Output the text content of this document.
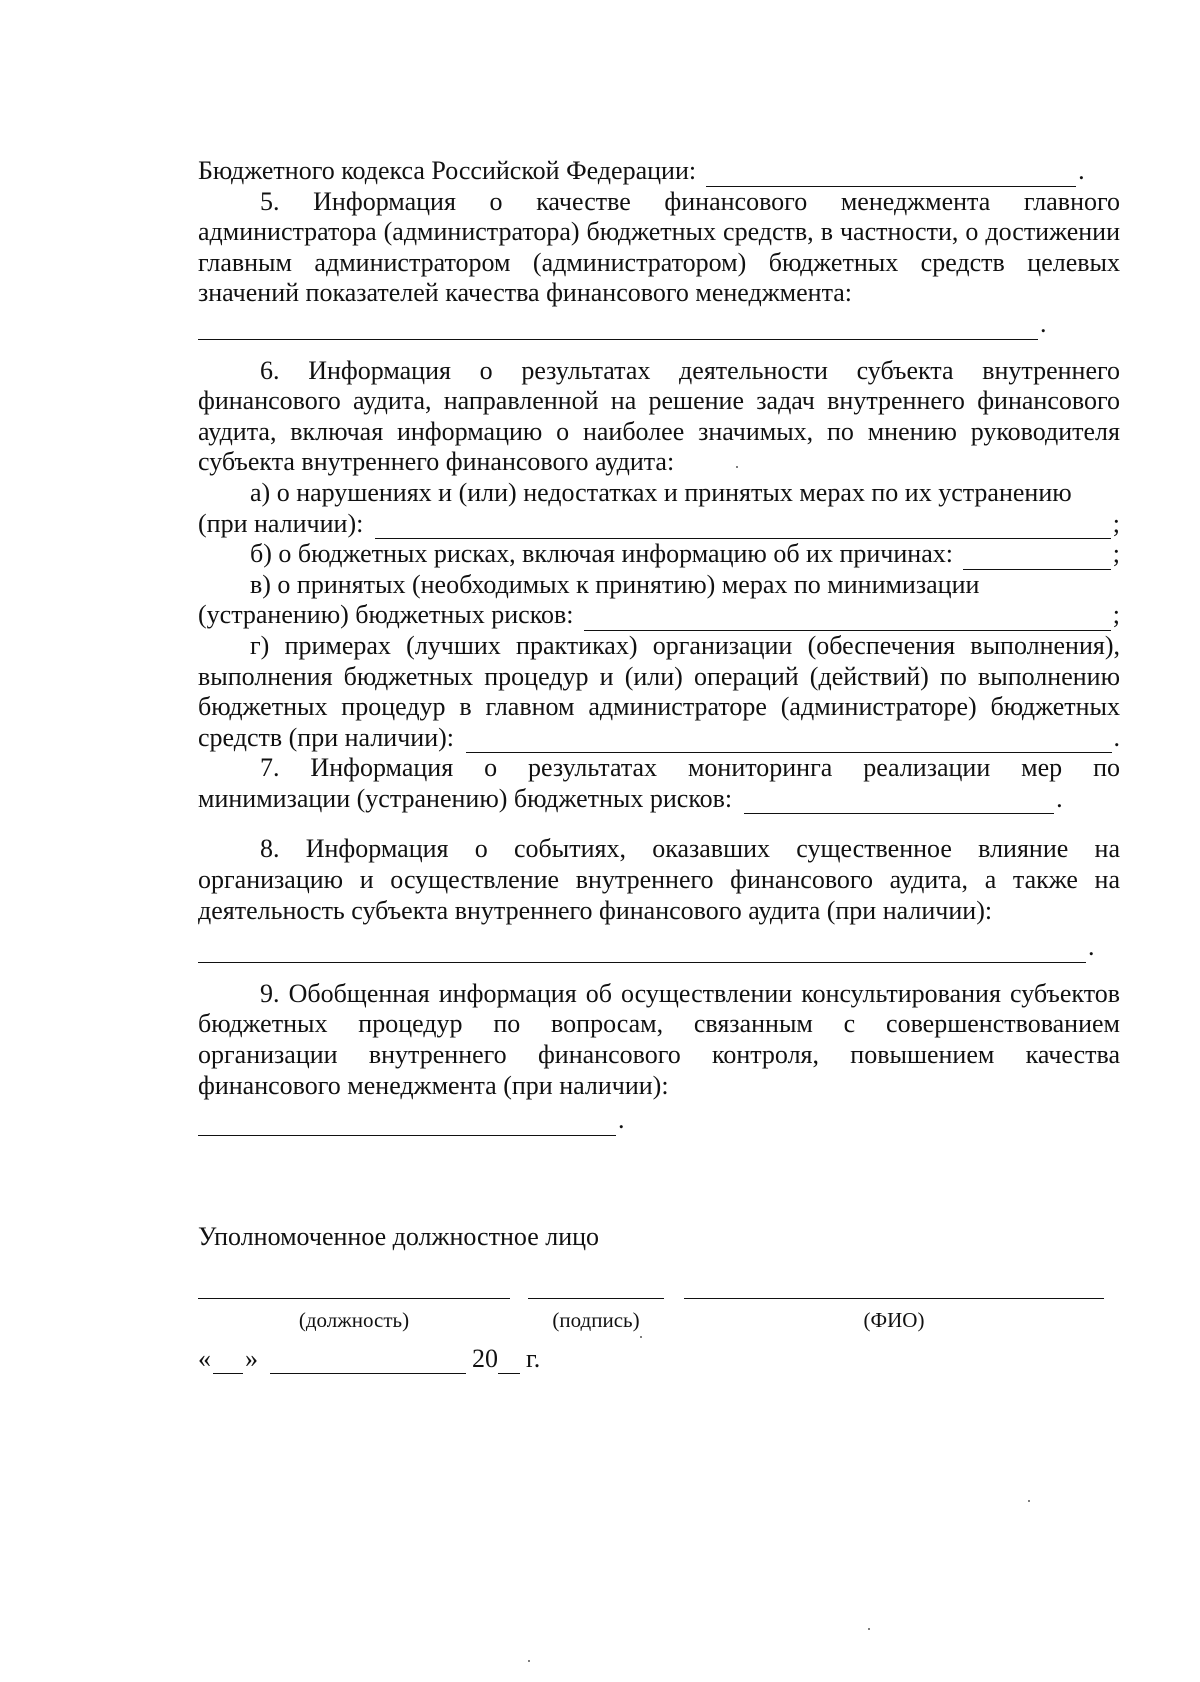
Бюджетного кодекса Российской Федерации:	.

5. Информация о качестве финансового менеджмента главного администратора (администратора) бюджетных средств, в частности, о достижении главным администратором (администратором) бюджетных средств целевых значений показателей качества финансового менеджмента:

.

6. Информация о результатах деятельности субъекта внутреннего финансового аудита, направленной на решение задач внутреннего финансового аудита, включая информацию о наиболее значимых, по мнению руководителя субъекта внутреннего финансового аудита:

а) о нарушениях и (или) недостатках и принятых мерах по их устранению

(при наличии):	;
б) о бюджетных рисках, включая информацию об их причинах:	;

в) о принятых (необходимых к принятию) мерах по минимизации

(устранению) бюджетных рисков:	;

г) примерах (лучших практиках) организации (обеспечения выполнения), выполнения бюджетных процедур и (или) операций (действий) по выполнению бюджетных процедур в главном администраторе (администраторе) бюджетных

средств (при наличии):	.

7. Информация о результатах мониторинга реализации мер по

минимизации (устранению) бюджетных рисков:	.

8. Информация о событиях, оказавших существенное влияние на организацию и осуществление внутреннего финансового аудита, а также на деятельность субъекта внутреннего финансового аудита (при наличии):

.

9. Обобщенная информация об осуществлении консультирования субъектов бюджетных процедур по вопросам, связанным с совершенствованием организации внутреннего финансового контроля, повышением качества финансового менеджмента (при наличии):

.
Уполномоченное должностное лицо
(должность)	(подпись)	(ФИО)
« »	20 г.
